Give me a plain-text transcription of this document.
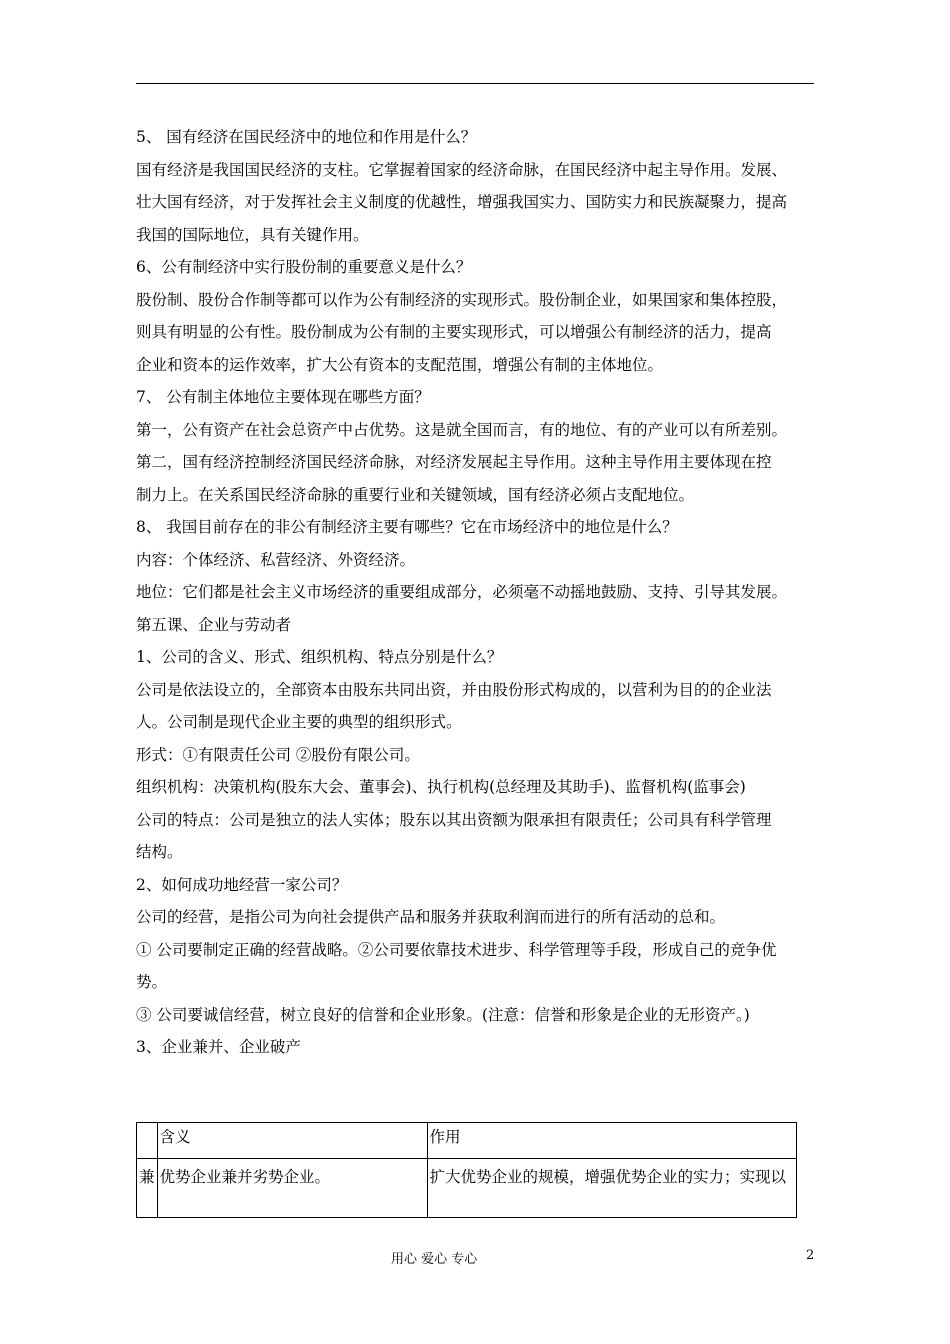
5、 国有经济在国民经济中的地位和作用是什么？
国有经济是我国国民经济的支柱。它掌握着国家的经济命脉，在国民经济中起主导作用。发展、
壮大国有经济，对于发挥社会主义制度的优越性，增强我国实力、国防实力和民族凝聚力，提高
我国的国际地位，具有关键作用。
6、公有制经济中实行股份制的重要意义是什么？
股份制、股份合作制等都可以作为公有制经济的实现形式。股份制企业，如果国家和集体控股，
则具有明显的公有性。股份制成为公有制的主要实现形式，可以增强公有制经济的活力，提高
企业和资本的运作效率，扩大公有资本的支配范围，增强公有制的主体地位。
7、 公有制主体地位主要体现在哪些方面？
第一，公有资产在社会总资产中占优势。这是就全国而言，有的地位、有的产业可以有所差别。
第二，国有经济控制经济国民经济命脉，对经济发展起主导作用。这种主导作用主要体现在控
制力上。在关系国民经济命脉的重要行业和关键领域，国有经济必须占支配地位。
8、 我国目前存在的非公有制经济主要有哪些？它在市场经济中的地位是什么？
内容：个体经济、私营经济、外资经济。
地位：它们都是社会主义市场经济的重要组成部分，必须毫不动摇地鼓励、支持、引导其发展。
第五课、企业与劳动者
1、公司的含义、形式、组织机构、特点分别是什么？
公司是依法设立的，全部资本由股东共同出资，并由股份形式构成的，以营利为目的的企业法
人。公司制是现代企业主要的典型的组织形式。
形式：①有限责任公司 ②股份有限公司。
组织机构：决策机构(股东大会、董事会)、执行机构(总经理及其助手)、监督机构(监事会)
公司的特点：公司是独立的法人实体；股东以其出资额为限承担有限责任；公司具有科学管理
结构。
2、如何成功地经营一家公司？
公司的经营，是指公司为向社会提供产品和服务并获取利润而进行的所有活动的总和。
① 公司要制定正确的经营战略。②公司要依靠技术进步、科学管理等手段，形成自己的竞争优
势。
③ 公司要诚信经营，树立良好的信誉和企业形象。(注意：信誉和形象是企业的无形资产。)
3、企业兼并、企业破产
	含义	作用
兼	优势企业兼并劣势企业。	扩大优势企业的规模，增强优势企业的实力；实现以
用心 爱心 专心	2
